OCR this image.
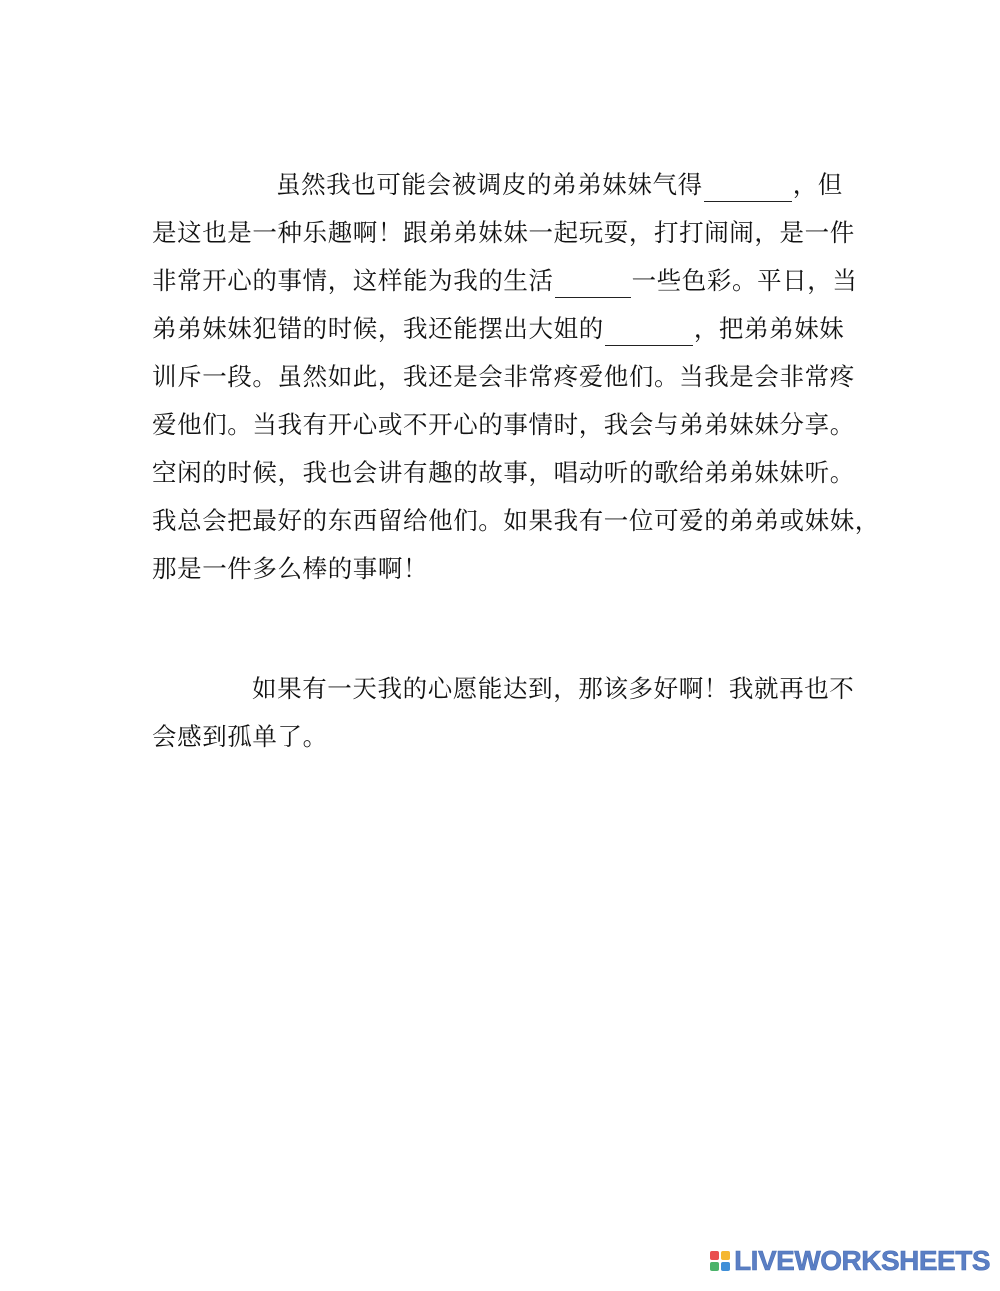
虽然我也可能会被调皮的弟弟妹妹气得	，但
是这也是一种乐趣啊！跟弟弟妹妹一起玩耍，打打闹闹，是一件
非常开心的事情，这样能为我的生活	一些色彩。平日，当
弟弟妹妹犯错的时候，我还能摆出大姐的	，把弟弟妹妹
训斥一段。虽然如此，我还是会非常疼爱他们。当我是会非常疼
爱他们。当我有开心或不开心的事情时，我会与弟弟妹妹分享。
空闲的时候，我也会讲有趣的故事，唱动听的歌给弟弟妹妹听。
我总会把最好的东西留给他们。如果我有一位可爱的弟弟或妹妹，
那是一件多么棒的事啊！
如果有一天我的心愿能达到，那该多好啊！我就再也不
会感到孤单了。
LIVEWORKSHEETS
